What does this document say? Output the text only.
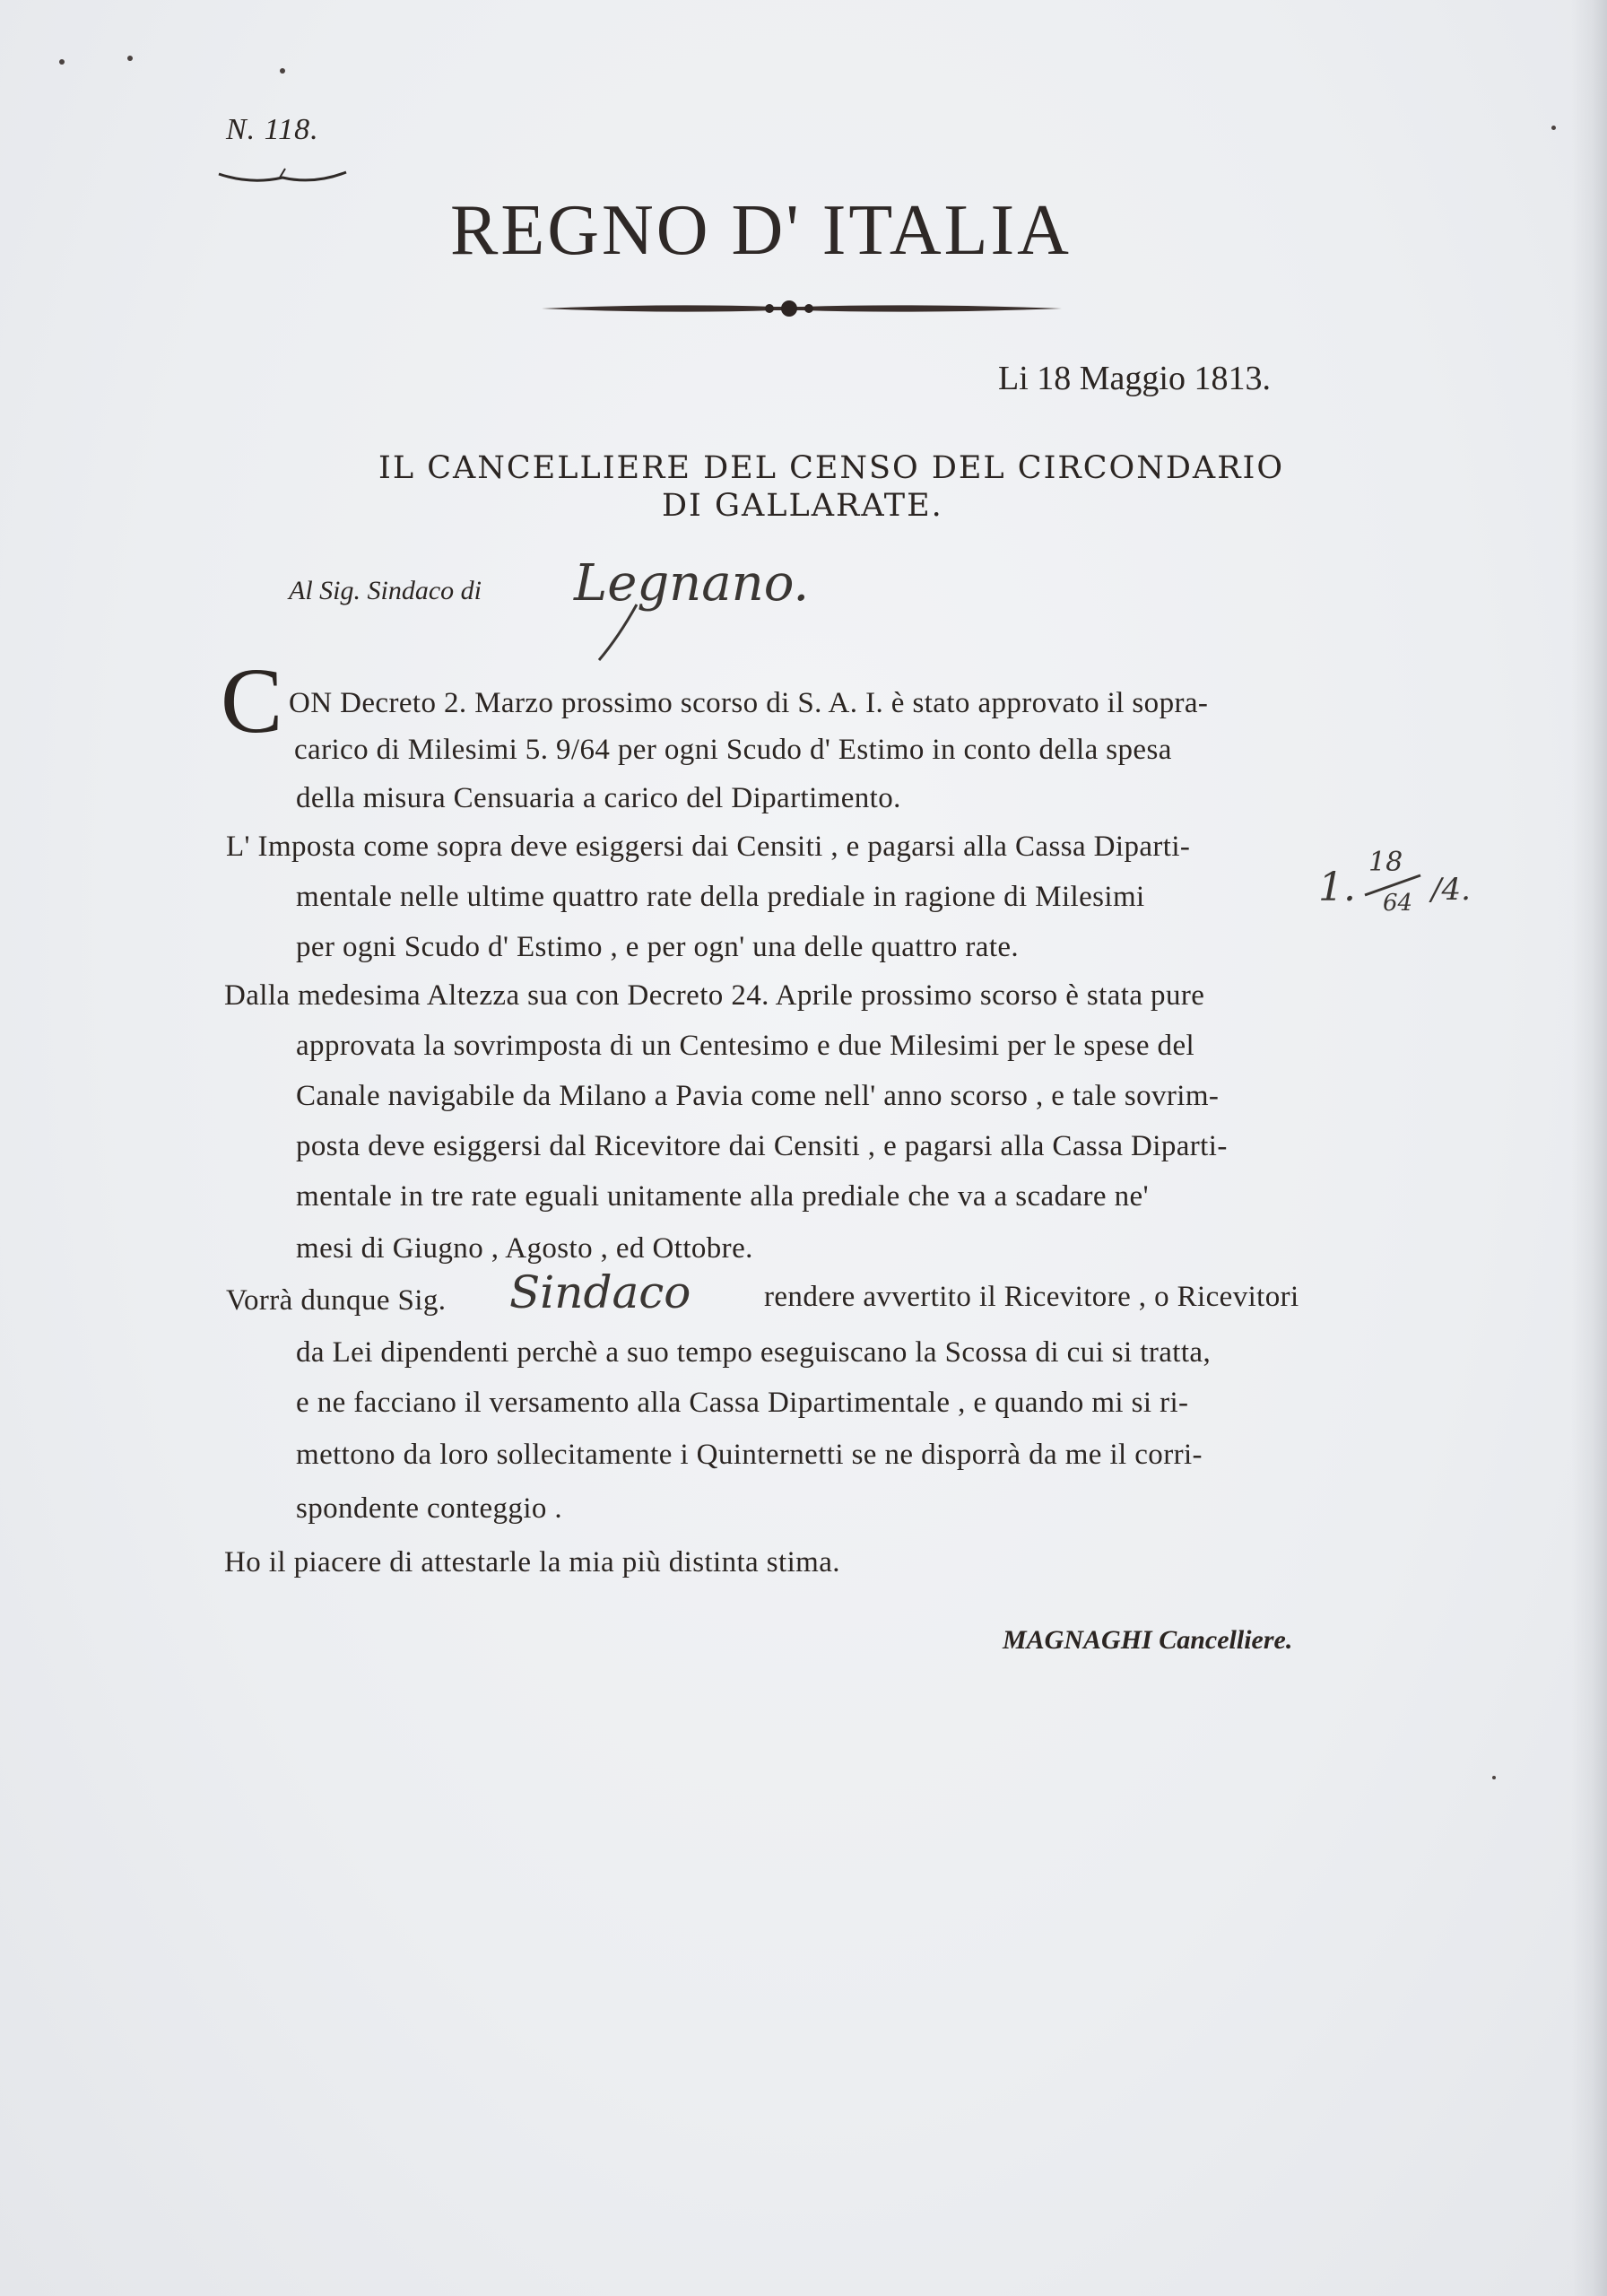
N. 118.
REGNO D' ITALIA
Li 18 Maggio 1813.
IL CANCELLIERE DEL CENSO DEL CIRCONDARIO
DI GALLARATE.
Al Sig. Sindaco di Legnano.
C ON Decreto 2. Marzo prossimo scorso di S. A. I. è stato approvato il sopra-
carico di Milesimi 5. 9/64 per ogni Scudo d' Estimo in conto della spesa
della misura Censuaria a carico del Dipartimento.
L' Imposta come sopra deve esiggersi dai Censiti , e pagarsi alla Cassa Diparti-
mentale nelle ultime quattro rate della prediale in ragione di Milesimi	1.
18
64 /4.
per ogni Scudo d' Estimo , e per ogn' una delle quattro rate.
Dalla medesima Altezza sua con Decreto 24. Aprile prossimo scorso è stata pure
approvata la sovrimposta di un Centesimo e due Milesimi per le spese del
Canale navigabile da Milano a Pavia come nell' anno scorso , e tale sovrim-
posta deve esiggersi dal Ricevitore dai Censiti , e pagarsi alla Cassa Diparti-
mentale in tre rate eguali unitamente alla prediale che va a scadare ne'
mesi di Giugno , Agosto , ed Ottobre.
Vorrà dunque Sig. Sindaco rendere avvertito il Ricevitore , o Ricevitori
da Lei dipendenti perchè a suo tempo eseguiscano la Scossa di cui si tratta,
e ne facciano il versamento alla Cassa Dipartimentale , e quando mi si ri-
mettono da loro sollecitamente i Quinternetti se ne disporrà da me il corri-
spondente conteggio .
Ho il piacere di attestarle la mia più distinta stima.
MAGNAGHI Cancelliere.
